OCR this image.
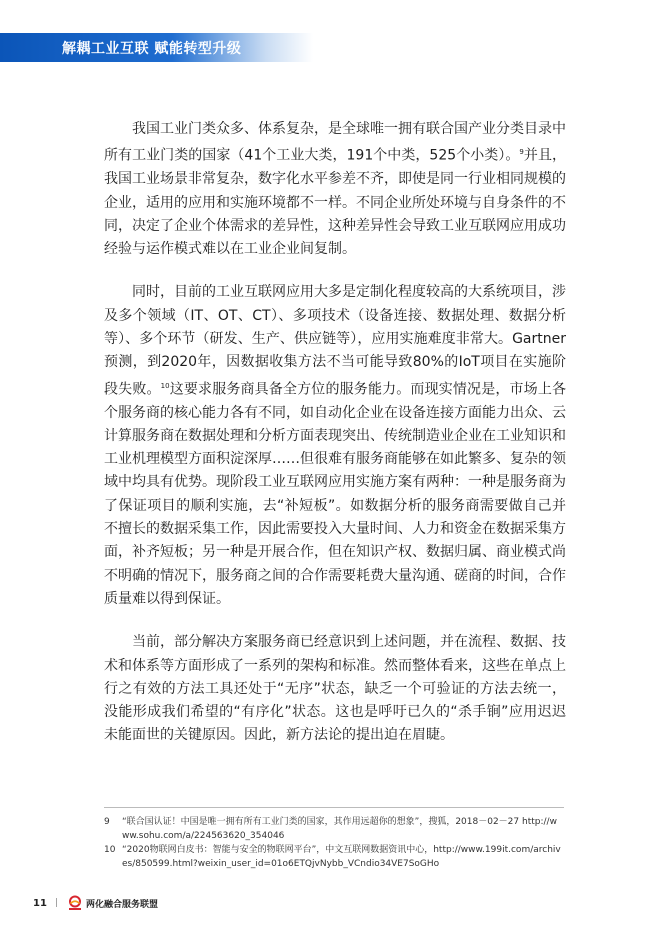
解耦工业互联 赋能转型升级

我国工业门类众多、体系复杂，是全球唯一拥有联合国产业分类目录中所有工业门类的国家（41个工业大类，191个中类，525个小类）。$^9$并且，我国工业场景非常复杂，数字化水平参差不齐，即使是同一行业相同规模的企业，适用的应用和实施环境都不一样。不同企业所处环境与自身条件的不同，决定了企业个体需求的差异性，这种差异性会导致工业互联网应用成功经验与运作模式难以在工业企业间复制。

同时，目前的工业互联网应用大多是定制化程度较高的大系统项目，涉及多个领域（IT、OT、CT）、多项技术（设备连接、数据处理、数据分析等）、多个环节（研发、生产、供应链等），应用实施难度非常大。Gartner预测，到2020年，因数据收集方法不当可能导致80%的IoT项目在实施阶段失败。$^{10}$这要求服务商具备全方位的服务能力。而现实情况是，市场上各个服务商的核心能力各有不同，如自动化企业在设备连接方面能力出众、云计算服务商在数据处理和分析方面表现突出、传统制造业企业在工业知识和工业机理模型方面积淀深厚……但很难有服务商能够在如此繁多、复杂的领域中均具有优势。现阶段工业互联网应用实施方案有两种：一种是服务商为了保证项目的顺利实施，去“补短板”。如数据分析的服务商需要做自己并不擅长的数据采集工作，因此需要投入大量时间、人力和资金在数据采集方面，补齐短板；另一种是开展合作，但在知识产权、数据归属、商业模式尚不明确的情况下，服务商之间的合作需要耗费大量沟通、磋商的时间，合作质量难以得到保证。

当前，部分解决方案服务商已经意识到上述问题，并在流程、数据、技术和体系等方面形成了一系列的架构和标准。然而整体看来，这些在单点上行之有效的方法工具还处于“无序”状态，缺乏一个可验证的方法去统一，没能形成我们希望的“有序化”状态。这也是呼吁已久的“杀手锏”应用迟迟未能面世的关键原因。因此，新方法论的提出迫在眉睫。

9 “联合国认证！中国是唯一拥有所有工业门类的国家，其作用远超你的想象”，搜狐，2018－02－27 http://www.sohu.com/a/224563620_354046
10 “2020物联网白皮书：智能与安全的物联网平台”，中文互联网数据资讯中心，http://www.199it.com/archives/850599.html?weixin_user_id=01o6ETQjvNybb_VCndio34VE7SoGHo
11 |	两化融合服务联盟
